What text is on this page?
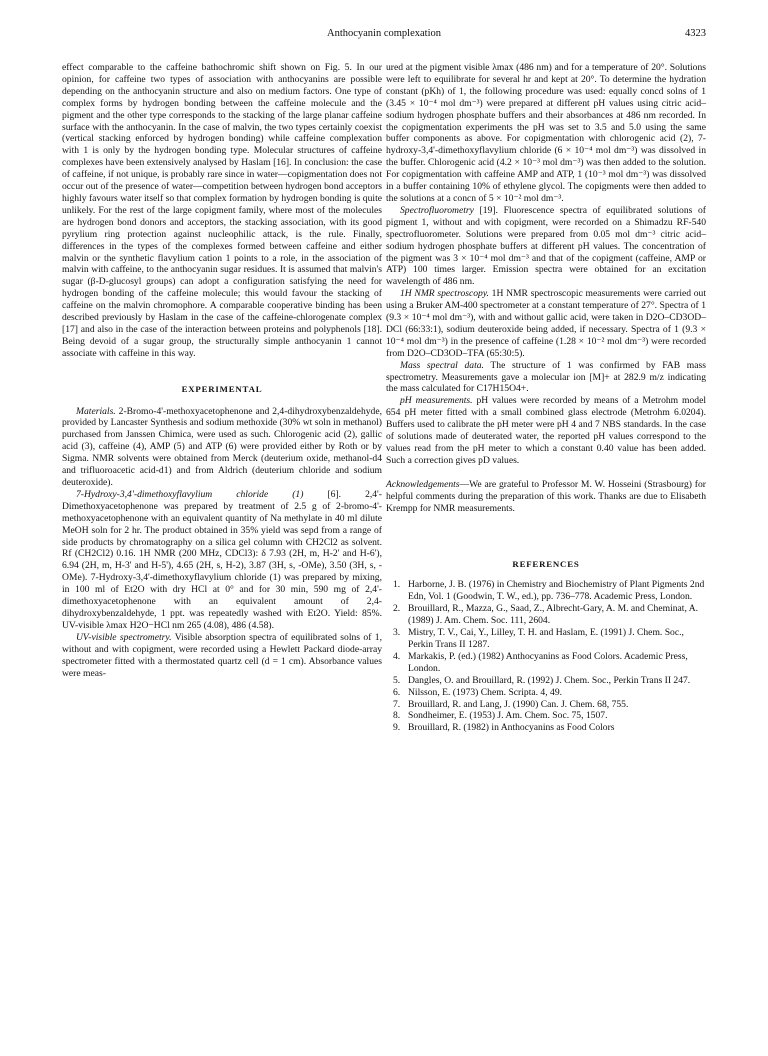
Anthocyanin complexation	4323

effect comparable to the caffeine bathochromic shift shown on Fig. 5. In our opinion, for caffeine two types of association with anthocyanins are possible depending on the anthocyanin structure and also on medium factors. One type of complex forms by hydrogen bonding between the caffeine molecule and the pigment and the other type corresponds to the stacking of the large planar caffeine surface with the anthocyanin. In the case of malvin, the two types certainly coexist (vertical stacking enforced by hydrogen bonding) while caffeine complexation with 1 is only by the hydrogen bonding type. Molecular structures of caffeine complexes have been extensively analysed by Haslam [16]. In conclusion: the case of caffeine, if not unique, is probably rare since in water—copigmentation does not occur out of the presence of water—competition between hydrogen bond acceptors highly favours water itself so that complex formation by hydrogen bonding is quite unlikely. For the rest of the large copigment family, where most of the molecules are hydrogen bond donors and acceptors, the stacking association, with its good pyrylium ring protection against nucleophilic attack, is the rule. Finally, differences in the types of the complexes formed between caffeine and either malvin or the synthetic flavylium cation 1 points to a role, in the association of malvin with caffeine, to the anthocyanin sugar residues. It is assumed that malvin's sugar (β-D-glucosyl groups) can adopt a configuration satisfying the need for hydrogen bonding of the caffeine molecule; this would favour the stacking of caffeine on the malvin chromophore. A comparable cooperative binding has been described previously by Haslam in the case of the caffeine-chlorogenate complex [17] and also in the case of the interaction between proteins and polyphenols [18]. Being devoid of a sugar group, the structurally simple anthocyanin 1 cannot associate with caffeine in this way.

EXPERIMENTAL

Materials. 2-Bromo-4'-methoxyacetophenone and 2,4-dihydroxybenzaldehyde, provided by Lancaster Synthesis and sodium methoxide (30% wt soln in methanol) purchased from Janssen Chimica, were used as such. Chlorogenic acid (2), gallic acid (3), caffeine (4), AMP (5) and ATP (6) were provided either by Roth or by Sigma. NMR solvents were obtained from Merck (deuterium oxide, methanol-d4 and trifluoroacetic acid-d1) and from Aldrich (deuterium chloride and sodium deuteroxide).

7-Hydroxy-3,4'-dimethoxyflavylium chloride (1) [6]. 2,4'-Dimethoxyacetophenone was prepared by treatment of 2.5 g of 2-bromo-4'-methoxyacetophenone with an equivalent quantity of Na methylate in 40 ml dilute MeOH soln for 2 hr. The product obtained in 35% yield was sepd from a range of side products by chromatography on a silica gel column with CH2Cl2 as solvent. Rf (CH2Cl2) 0.16. 1H NMR (200 MHz, CDCl3): δ 7.93 (2H, m, H-2' and H-6'), 6.94 (2H, m, H-3' and H-5'), 4.65 (2H, s, H-2), 3.87 (3H, s, -OMe), 3.50 (3H, s, -OMe). 7-Hydroxy-3,4'-dimethoxyflavylium chloride (1) was prepared by mixing, in 100 ml of Et2O with dry HCl at 0° and for 30 min, 590 mg of 2,4'-dimethoxyacetophenone with an equivalent amount of 2,4-dihydroxybenzaldehyde, 1 ppt. was repeatedly washed with Et2O. Yield: 85%. UV-visible λmax H2O−HCl nm 265 (4.08), 486 (4.58).

UV-visible spectrometry. Visible absorption spectra of equilibrated solns of 1, without and with copigment, were recorded using a Hewlett Packard diode-array spectrometer fitted with a thermostated quartz cell (d = 1 cm). Absorbance values were meas-

ured at the pigment visible λmax (486 nm) and for a temperature of 20°. Solutions were left to equilibrate for several hr and kept at 20°. To determine the hydration constant (pKh) of 1, the following procedure was used: equally concd solns of 1 (3.45 × 10⁻⁴ mol dm⁻³) were prepared at different pH values using citric acid–sodium hydrogen phosphate buffers and their absorbances at 486 nm recorded. In the copigmentation experiments the pH was set to 3.5 and 5.0 using the same buffer components as above. For copigmentation with chlorogenic acid (2), 7-hydroxy-3,4'-dimethoxyflavylium chloride (6 × 10⁻⁴ mol dm⁻³) was dissolved in the buffer. Chlorogenic acid (4.2 × 10⁻³ mol dm⁻³) was then added to the solution. For copigmentation with caffeine AMP and ATP, 1 (10⁻³ mol dm⁻³) was dissolved in a buffer containing 10% of ethylene glycol. The copigments were then added to the solutions at a concn of 5 × 10⁻² mol dm⁻³.

Spectrofluorometry [19]. Fluorescence spectra of equilibrated solutions of pigment 1, without and with copigment, were recorded on a Shimadzu RF-540 spectrofluorometer. Solutions were prepared from 0.05 mol dm⁻³ citric acid–sodium hydrogen phosphate buffers at different pH values. The concentration of the pigment was 3 × 10⁻⁴ mol dm⁻³ and that of the copigment (caffeine, AMP or ATP) 100 times larger. Emission spectra were obtained for an excitation wavelength of 486 nm.

1H NMR spectroscopy. 1H NMR spectroscopic measurements were carried out using a Bruker AM-400 spectrometer at a constant temperature of 27°. Spectra of 1 (9.3 × 10⁻⁴ mol dm⁻³), with and without gallic acid, were taken in D2O–CD3OD–DCl (66:33:1), sodium deuteroxide being added, if necessary. Spectra of 1 (9.3 × 10⁻⁴ mol dm⁻³) in the presence of caffeine (1.28 × 10⁻² mol dm⁻³) were recorded from D2O–CD3OD–TFA (65:30:5).

Mass spectral data. The structure of 1 was confirmed by FAB mass spectrometry. Measurements gave a molecular ion [M]+ at 282.9 m/z indicating the mass calculated for C17H15O4+.

pH measurements. pH values were recorded by means of a Metrohm model 654 pH meter fitted with a small combined glass electrode (Metrohm 6.0204). Buffers used to calibrate the pH meter were pH 4 and 7 NBS standards. In the case of solutions made of deuterated water, the reported pH values correspond to the values read from the pH meter to which a constant 0.40 value has been added. Such a correction gives pD values.

Acknowledgements—We are grateful to Professor M. W. Hosseini (Strasbourg) for helpful comments during the preparation of this work. Thanks are due to Elisabeth Krempp for NMR measurements.

REFERENCES
1. Harborne, J. B. (1976) in Chemistry and Biochemistry of Plant Pigments 2nd Edn, Vol. 1 (Goodwin, T. W., ed.), pp. 736–778. Academic Press, London.
2. Brouillard, R., Mazza, G., Saad, Z., Albrecht-Gary, A. M. and Cheminat, A. (1989) J. Am. Chem. Soc. 111, 2604.
3. Mistry, T. V., Cai, Y., Lilley, T. H. and Haslam, E. (1991) J. Chem. Soc., Perkin Trans II 1287.
4. Markakis, P. (ed.) (1982) Anthocyanins as Food Colors. Academic Press, London.
5. Dangles, O. and Brouillard, R. (1992) J. Chem. Soc., Perkin Trans II 247.
6. Nilsson, E. (1973) Chem. Scripta. 4, 49.
7. Brouillard, R. and Lang, J. (1990) Can. J. Chem. 68, 755.
8. Sondheimer, E. (1953) J. Am. Chem. Soc. 75, 1507.
9. Brouillard, R. (1982) in Anthocyanins as Food Colors
